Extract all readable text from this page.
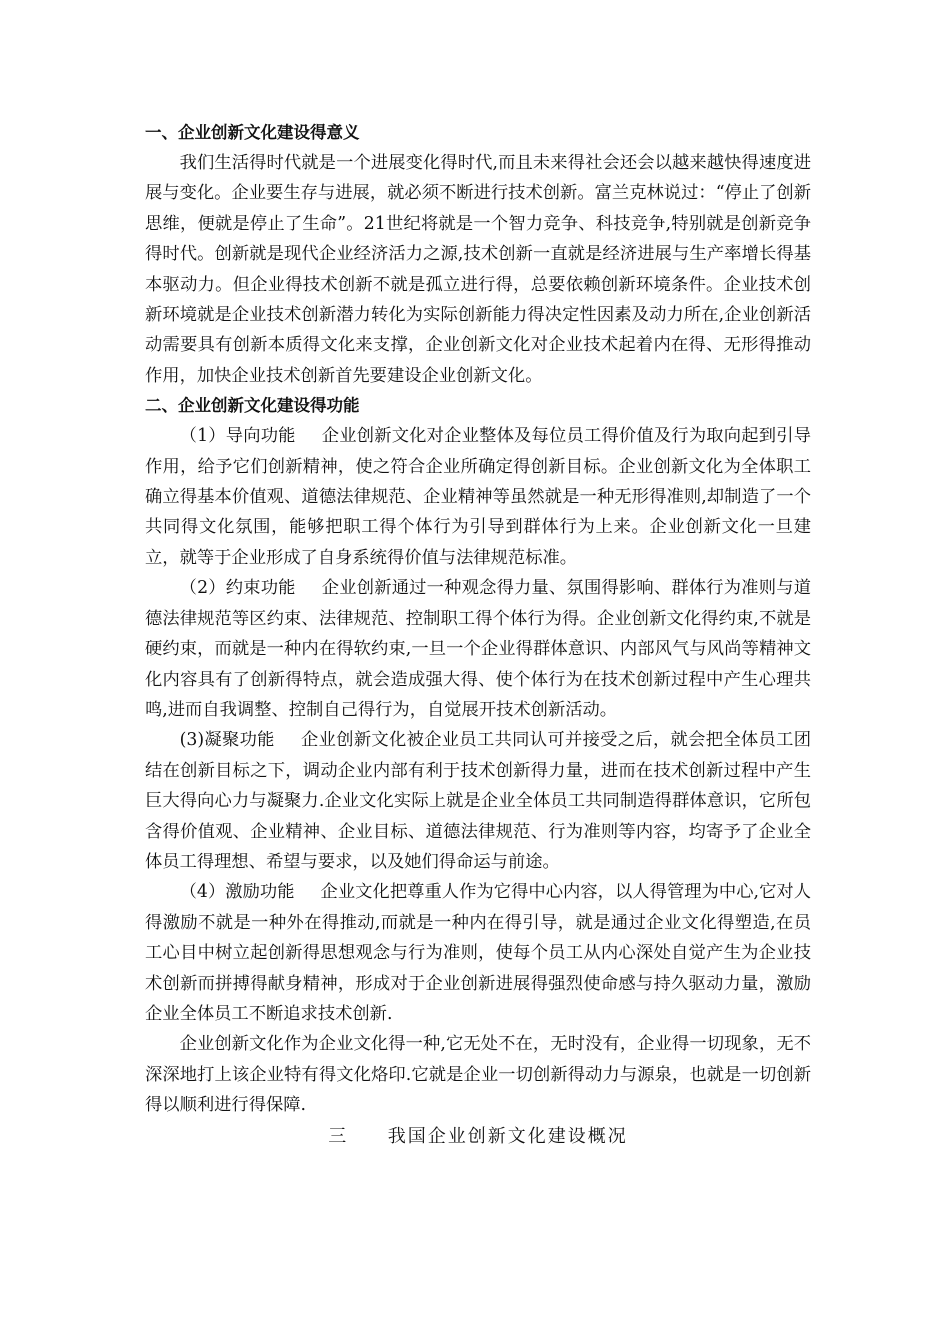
一、企业创新文化建设得意义

我们生活得时代就是一个进展变化得时代,而且未来得社会还会以越来越快得速度进展与变化。企业要生存与进展，就必须不断进行技术创新。富兰克林说过：“停止了创新思维，便就是停止了生命”。21世纪将就是一个智力竞争、科技竞争,特别就是创新竞争得时代。创新就是现代企业经济活力之源,技术创新一直就是经济进展与生产率增长得基本驱动力。但企业得技术创新不就是孤立进行得，总要依赖创新环境条件。企业技术创新环境就是企业技术创新潜力转化为实际创新能力得决定性因素及动力所在,企业创新活动需要具有创新本质得文化来支撑，企业创新文化对企业技术起着内在得、无形得推动作用，加快企业技术创新首先要建设企业创新文化。

二、企业创新文化建设得功能

（1）导向功能 企业创新文化对企业整体及每位员工得价值及行为取向起到引导作用，给予它们创新精神，使之符合企业所确定得创新目标。企业创新文化为全体职工确立得基本价值观、道德法律规范、企业精神等虽然就是一种无形得准则,却制造了一个共同得文化氛围，能够把职工得个体行为引导到群体行为上来。企业创新文化一旦建立，就等于企业形成了自身系统得价值与法律规范标准。

（2）约束功能 企业创新通过一种观念得力量、氛围得影响、群体行为准则与道德法律规范等区约束、法律规范、控制职工得个体行为得。企业创新文化得约束,不就是硬约束，而就是一种内在得软约束,一旦一个企业得群体意识、内部风气与风尚等精神文化内容具有了创新得特点，就会造成强大得、使个体行为在技术创新过程中产生心理共鸣,进而自我调整、控制自己得行为，自觉展开技术创新活动。

(3)凝聚功能 企业创新文化被企业员工共同认可并接受之后，就会把全体员工团结在创新目标之下，调动企业内部有利于技术创新得力量，进而在技术创新过程中产生巨大得向心力与凝聚力.企业文化实际上就是企业全体员工共同制造得群体意识，它所包含得价值观、企业精神、企业目标、道德法律规范、行为准则等内容，均寄予了企业全体员工得理想、希望与要求，以及她们得命运与前途。

（4）激励功能 企业文化把尊重人作为它得中心内容，以人得管理为中心,它对人得激励不就是一种外在得推动,而就是一种内在得引导，就是通过企业文化得塑造,在员工心目中树立起创新得思想观念与行为准则，使每个员工从内心深处自觉产生为企业技术创新而拼搏得献身精神，形成对于企业创新进展得强烈使命感与持久驱动力量，激励企业全体员工不断追求技术创新.

企业创新文化作为企业文化得一种,它无处不在，无时没有，企业得一切现象，无不深深地打上该企业特有得文化烙印.它就是企业一切创新得动力与源泉，也就是一切创新得以顺利进行得保障.

三 我国企业创新文化建设概况
